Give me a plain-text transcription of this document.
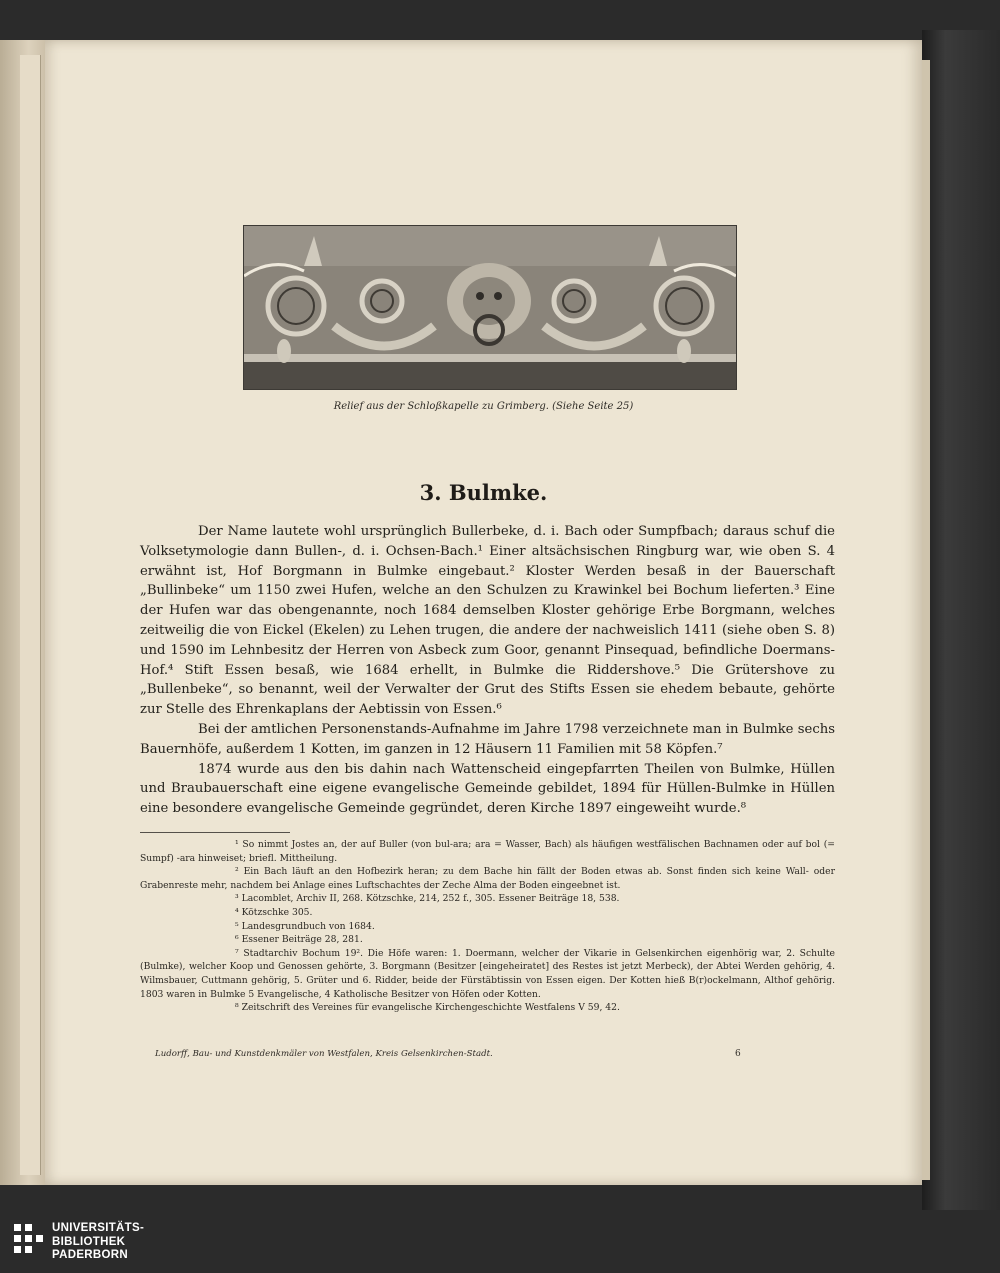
Relief aus der Schloßkapelle zu Grimberg. (Siehe Seite 25)
3. Bulmke.

Der Name lautete wohl ursprünglich Bullerbeke, d. i. Bach oder Sumpfbach; daraus schuf die Volksetymologie dann Bullen-, d. i. Ochsen-Bach.¹ Einer altsächsischen Ringburg war, wie oben S. 4 erwähnt ist, Hof Borgmann in Bulmke eingebaut.² Kloster Werden besaß in der Bauerschaft „Bullinbeke“ um 1150 zwei Hufen, welche an den Schulzen zu Krawinkel bei Bochum lieferten.³ Eine der Hufen war das obengenannte, noch 1684 demselben Kloster gehörige Erbe Borgmann, welches zeitweilig die von Eickel (Ekelen) zu Lehen trugen, die andere der nachweislich 1411 (siehe oben S. 8) und 1590 im Lehnbesitz der Herren von Asbeck zum Goor, genannt Pinsequad, befindliche Doermans-Hof.⁴ Stift Essen besaß, wie 1684 erhellt, in Bulmke die Riddershove.⁵ Die Grütershove zu „Bullenbeke“, so benannt, weil der Verwalter der Grut des Stifts Essen sie ehedem bebaute, gehörte zur Stelle des Ehrenkaplans der Aebtissin von Essen.⁶

Bei der amtlichen Personenstands-Aufnahme im Jahre 1798 verzeichnete man in Bulmke sechs Bauernhöfe, außerdem 1 Kotten, im ganzen in 12 Häusern 11 Familien mit 58 Köpfen.⁷

1874 wurde aus den bis dahin nach Wattenscheid eingepfarrten Theilen von Bulmke, Hüllen und Braubauerschaft eine eigene evangelische Gemeinde gebildet, 1894 für Hüllen-Bulmke in Hüllen eine besondere evangelische Gemeinde gegründet, deren Kirche 1897 eingeweiht wurde.⁸

¹ So nimmt Jostes an, der auf Buller (von bul-ara; ara = Wasser, Bach) als häufigen westfälischen Bachnamen oder auf bol (= Sumpf) -ara hinweiset; briefl. Mittheilung.

² Ein Bach läuft an den Hofbezirk heran; zu dem Bache hin fällt der Boden etwas ab. Sonst finden sich keine Wall- oder Grabenreste mehr, nachdem bei Anlage eines Luftschachtes der Zeche Alma der Boden eingeebnet ist.

³ Lacomblet, Archiv II, 268. Kötzschke, 214, 252 f., 305. Essener Beiträge 18, 538.

⁴ Kötzschke 305.

⁵ Landesgrundbuch von 1684.

⁶ Essener Beiträge 28, 281.

⁷ Stadtarchiv Bochum 19². Die Höfe waren: 1. Doermann, welcher der Vikarie in Gelsenkirchen eigenhörig war, 2. Schulte (Bulmke), welcher Koop und Genossen gehörte, 3. Borgmann (Besitzer [eingeheiratet] des Restes ist jetzt Merbeck), der Abtei Werden gehörig, 4. Wilmsbauer, Cuttmann gehörig, 5. Grüter und 6. Ridder, beide der Fürstäbtissin von Essen eigen. Der Kotten hieß B(r)ockelmann, Althof gehörig. 1803 waren in Bulmke 5 Evangelische, 4 Katholische Besitzer von Höfen oder Kotten.

⁸ Zeitschrift des Vereines für evangelische Kirchengeschichte Westfalens V 59, 42.

Ludorff, Bau- und Kunstdenkmäler von Westfalen, Kreis Gelsenkirchen-Stadt.	6
UNIVERSITÄTS-
BIBLIOTHEK
PADERBORN
